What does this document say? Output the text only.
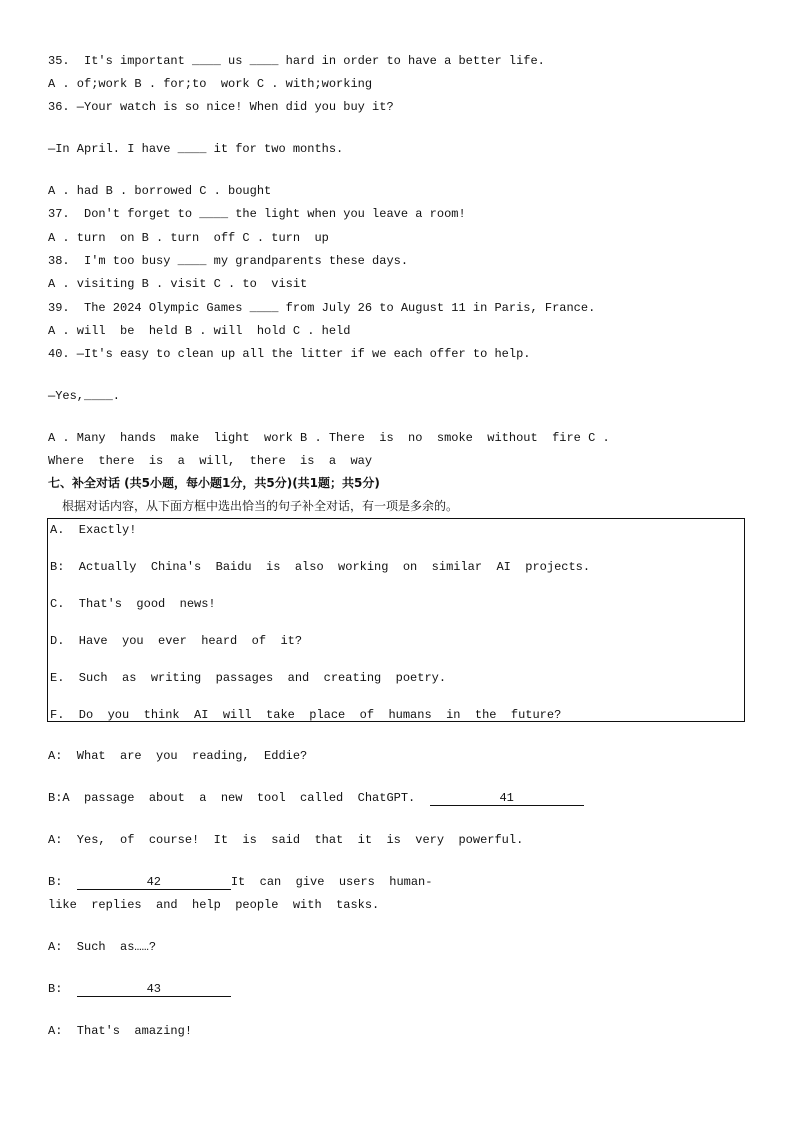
35.  It's important ____ us ____ hard in order to have a better life.
A . of;work B . for;to  work C . with;working
36. —Your watch is so nice! When did you buy it?
—In April. I have ____ it for two months.
A . had B . borrowed C . bought
37.  Don't forget to ____ the light when you leave a room!
A . turn  on B . turn  off C . turn  up
38.  I'm too busy ____ my grandparents these days.
A . visiting B . visit C . to  visit
39.  The 2024 Olympic Games ____ from July 26 to August 11 in Paris, France.
A . will  be  held B . will  hold C . held
40. —It's easy to clean up all the litter if we each offer to help.
—Yes,____.
A . Many  hands  make  light  work B . There  is  no  smoke  without  fire C .
Where  there  is  a  will,  there  is  a  way
七、补全对话 (共5小题，每小题1分，共5分)(共1题；共5分)
根据对话内容，从下面方框中选出恰当的句子补全对话，有一项是多余的。
A.  Exactly!
B:  Actually  China's  Baidu  is  also  working  on  similar  AI  projects.
C.  That's  good  news!
D.  Have  you  ever  heard  of  it?
E.  Such  as  writing  passages  and  creating  poetry.
F.  Do  you  think  AI  will  take  place  of  humans  in  the  future?
A:  What  are  you  reading,  Eddie?
B:A  passage  about  a  new  tool  called  ChatGPT.	41
A:  Yes,  of  course!  It  is  said  that  it  is  very  powerful.
B:	42	It  can  give  users  human-
like  replies  and  help  people  with  tasks.
A:  Such  as……?
B:	43
A:  That's  amazing!
